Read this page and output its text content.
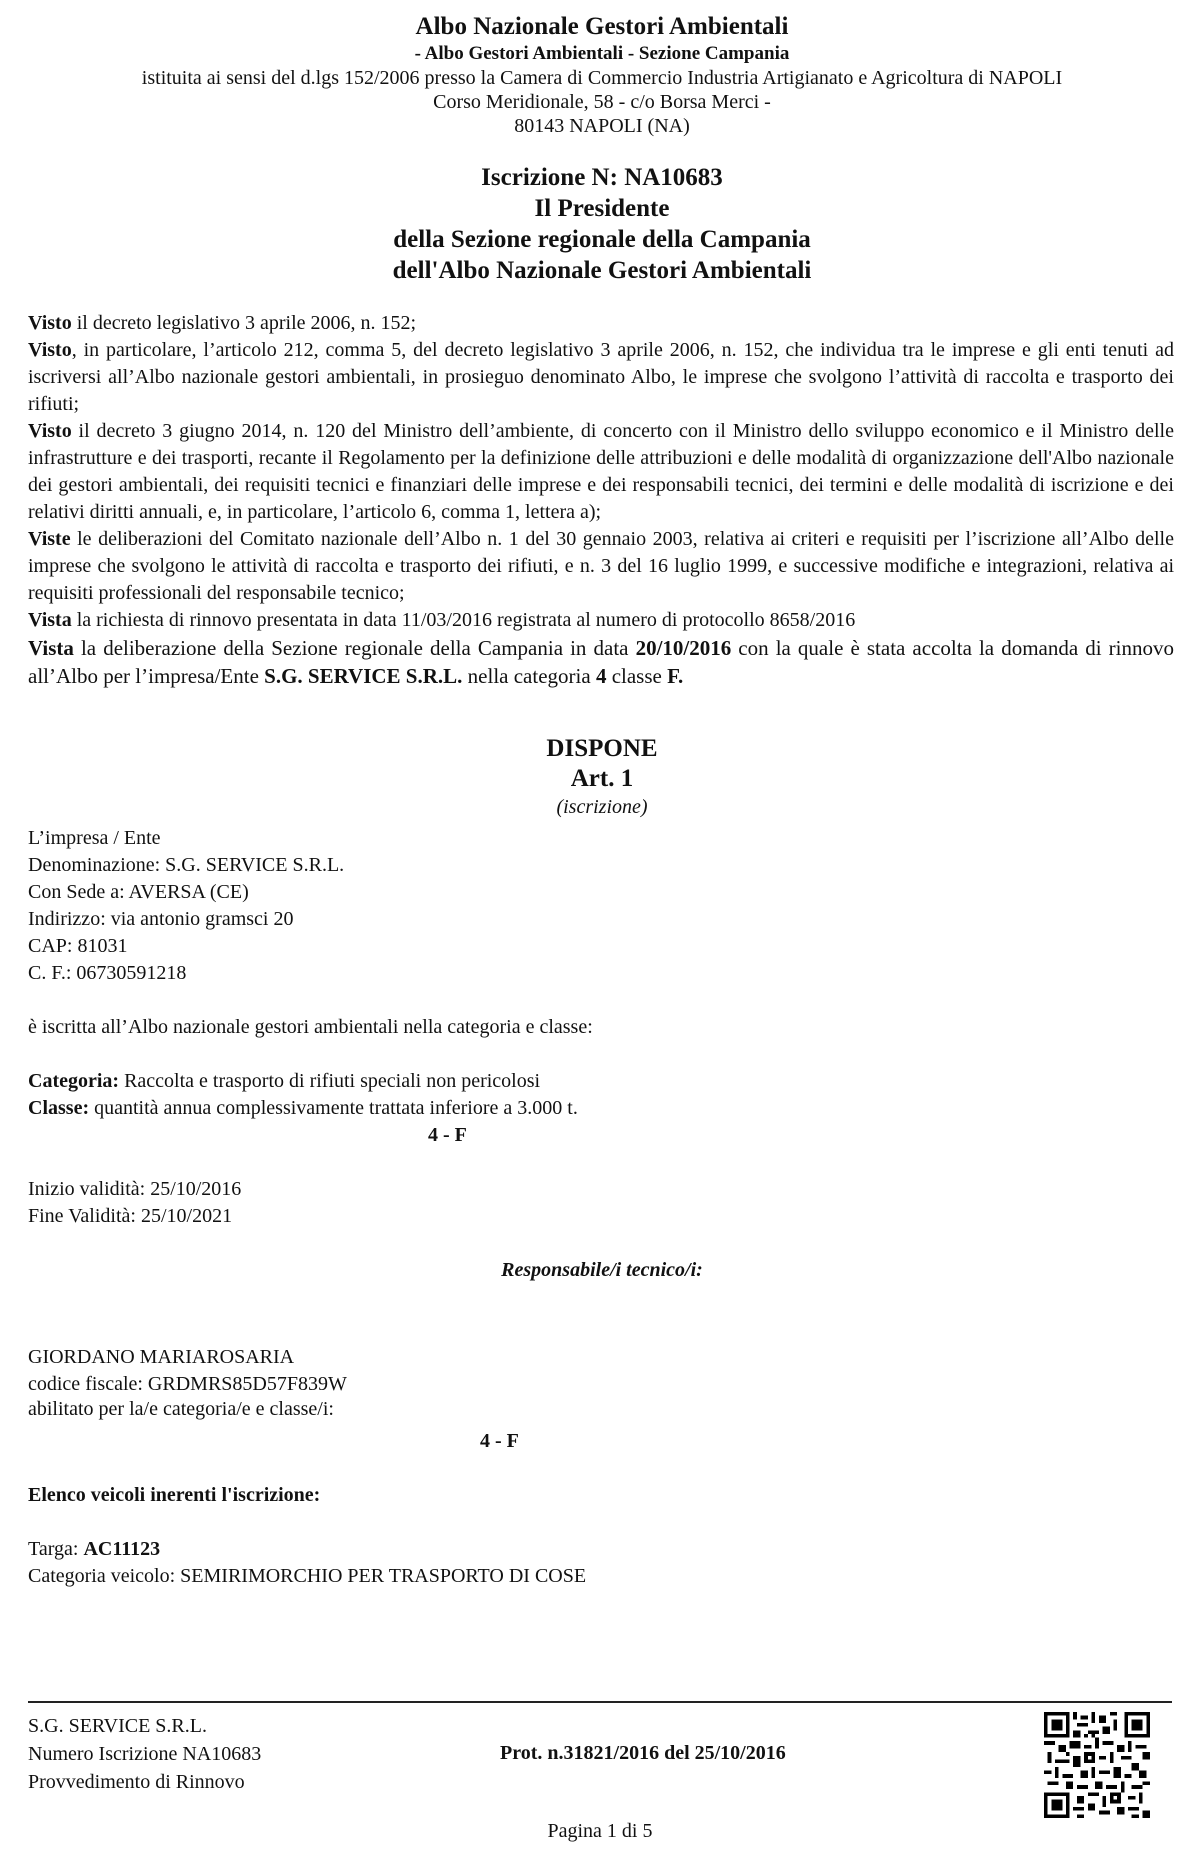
Albo Nazionale Gestori Ambientali
- Albo Gestori Ambientali - Sezione Campania
istituita ai sensi del d.lgs 152/2006 presso la Camera di Commercio Industria Artigianato e Agricoltura di NAPOLI
Corso Meridionale, 58 - c/o Borsa Merci -
80143 NAPOLI (NA)
Iscrizione N: NA10683
Il Presidente
della Sezione regionale della Campania
dell'Albo Nazionale Gestori Ambientali

Visto il decreto legislativo 3 aprile 2006, n. 152;

Visto, in particolare, l’articolo 212, comma 5, del decreto legislativo 3 aprile 2006, n. 152, che individua tra le imprese e gli enti tenuti ad iscriversi all’Albo nazionale gestori ambientali, in prosieguo denominato Albo, le imprese che svolgono l’attività di raccolta e trasporto dei rifiuti;

Visto il decreto 3 giugno 2014, n. 120 del Ministro dell’ambiente, di concerto con il Ministro dello sviluppo economico e il Ministro delle infrastrutture e dei trasporti, recante il Regolamento per la definizione delle attribuzioni e delle modalità di organizzazione dell'Albo nazionale dei gestori ambientali, dei requisiti tecnici e finanziari delle imprese e dei responsabili tecnici, dei termini e delle modalità di iscrizione e dei relativi diritti annuali, e, in particolare, l’articolo 6, comma 1, lettera a);

Viste le deliberazioni del Comitato nazionale dell’Albo n. 1 del 30 gennaio 2003, relativa ai criteri e requisiti per l’iscrizione all’Albo delle imprese che svolgono le attività di raccolta e trasporto dei rifiuti, e n. 3 del 16 luglio 1999, e successive modifiche e integrazioni, relativa ai requisiti professionali del responsabile tecnico;

Vista la richiesta di rinnovo presentata in data 11/03/2016 registrata al numero di protocollo 8658/2016

Vista la deliberazione della Sezione regionale della Campania in data 20/10/2016 con la quale è stata accolta la domanda di rinnovo all’Albo per l’impresa/Ente S.G. SERVICE S.R.L. nella categoria 4 classe F.

DISPONE
Art. 1
(iscrizione)
L’impresa / Ente
Denominazione: S.G. SERVICE S.R.L.
Con Sede a: AVERSA (CE)
Indirizzo: via antonio gramsci 20
CAP: 81031
C. F.: 06730591218
è iscritta all’Albo nazionale gestori ambientali nella categoria e classe:
Categoria: Raccolta e trasporto di rifiuti speciali non pericolosi
Classe: quantità annua complessivamente trattata inferiore a 3.000 t.
4 - F
Inizio validità: 25/10/2016
Fine Validità: 25/10/2021
Responsabile/i tecnico/i:
GIORDANO MARIAROSARIA
codice fiscale: GRDMRS85D57F839W
abilitato per la/e categoria/e e classe/i:
4 - F
Elenco veicoli inerenti l'iscrizione:
Targa: AC11123
Categoria veicolo: SEMIRIMORCHIO PER TRASPORTO DI COSE
S.G. SERVICE S.R.L.
Numero Iscrizione NA10683
Provvedimento di Rinnovo
Prot. n.31821/2016 del 25/10/2016
Pagina 1 di 5
